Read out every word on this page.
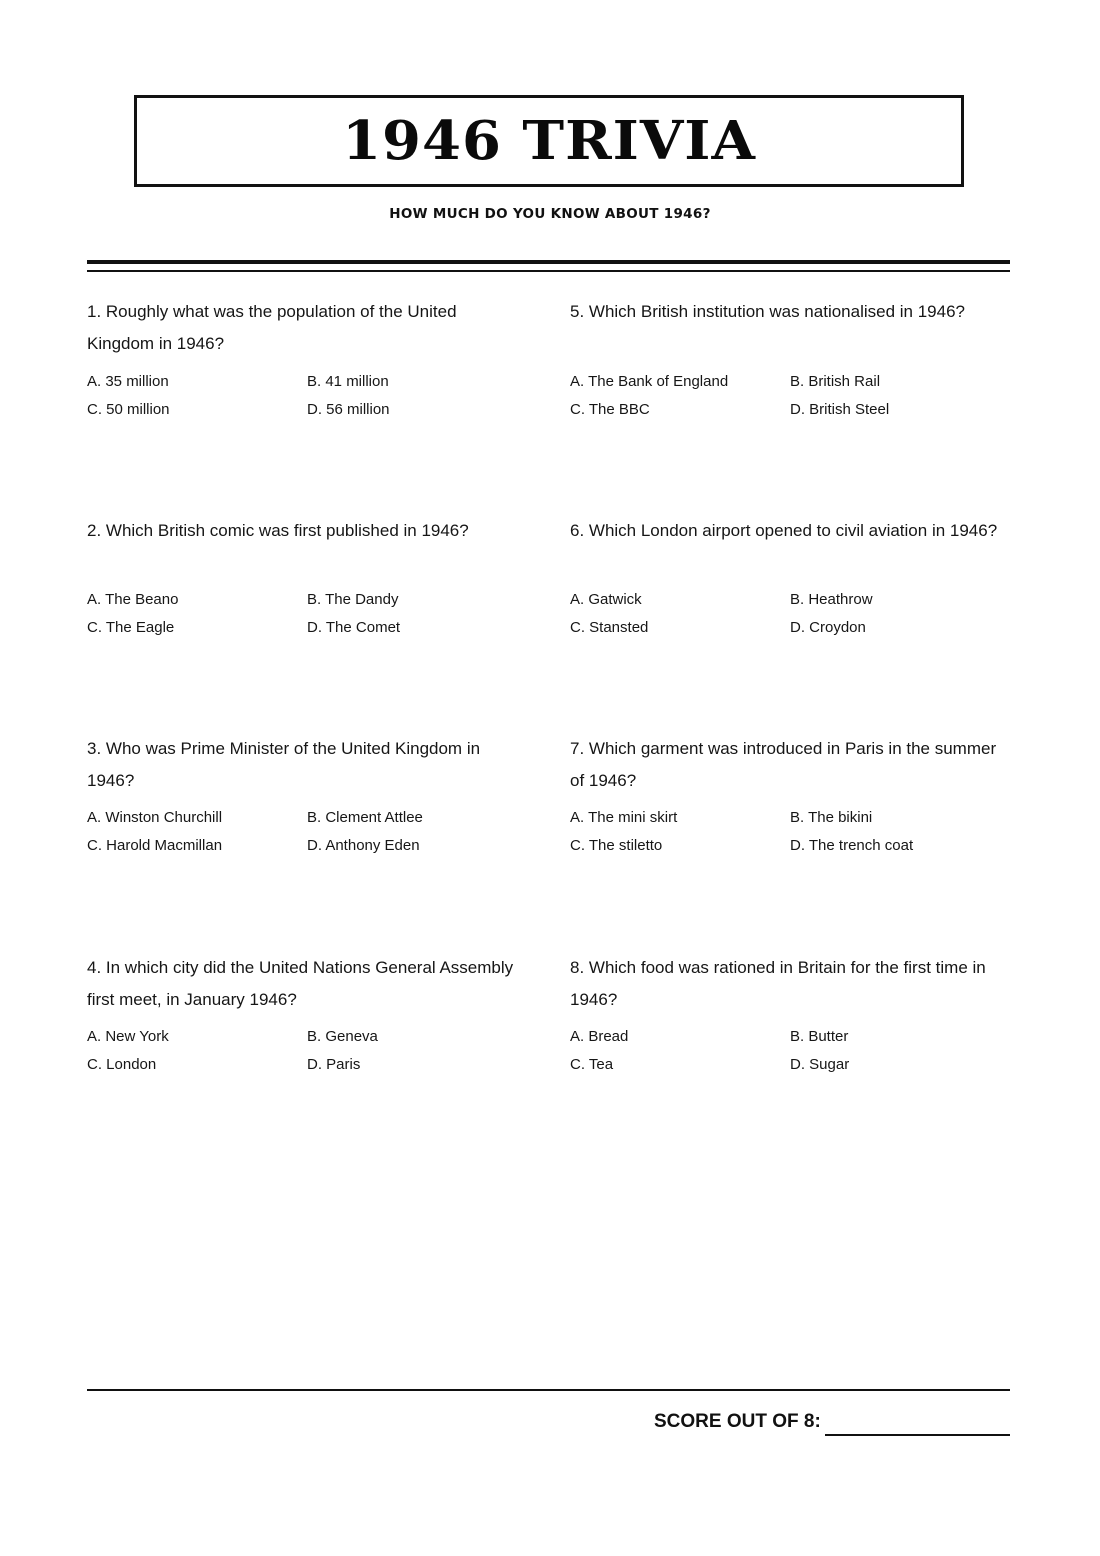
1946 TRIVIA
HOW MUCH DO YOU KNOW ABOUT 1946?

1. Roughly what was the population of the United Kingdom in 1946?

A. 35 million	B. 41 million
C. 50 million	D. 56 million

2. Which British comic was first published in 1946?

A. The Beano	B. The Dandy
C. The Eagle	D. The Comet

3. Who was Prime Minister of the United Kingdom in 1946?

A. Winston Churchill	B. Clement Attlee
C. Harold Macmillan	D. Anthony Eden

4. In which city did the United Nations General Assembly first meet, in January 1946?

A. New York	B. Geneva
C. London	D. Paris

5. Which British institution was nationalised in 1946?

A. The Bank of England	B. British Rail
C. The BBC	D. British Steel

6. Which London airport opened to civil aviation in 1946?

A. Gatwick	B. Heathrow
C. Stansted	D. Croydon

7. Which garment was introduced in Paris in the summer of 1946?

A. The mini skirt	B. The bikini
C. The stiletto	D. The trench coat

8. Which food was rationed in Britain for the first time in 1946?

A. Bread	B. Butter
C. Tea	D. Sugar
SCORE OUT OF 8:
